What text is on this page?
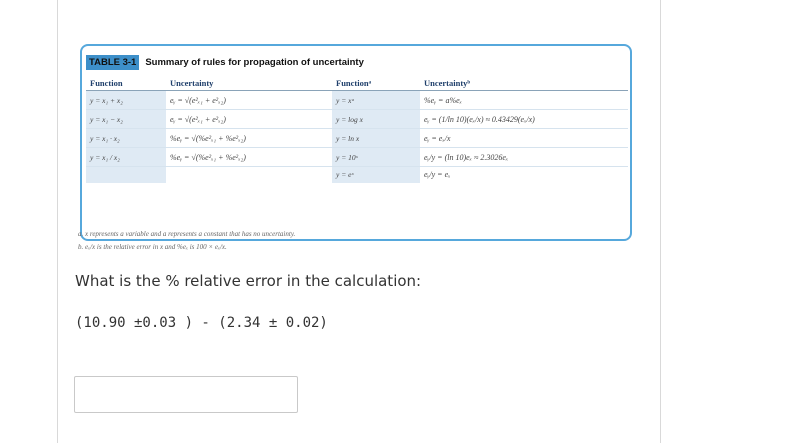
TABLE 3-1 Summary of rules for propagation of uncertainty
Function	Uncertainty	Functionᵃ	Uncertaintyᵇ
y = x₁ + x₂	eᵧ = √(e²ₓ₁ + e²ₓ₂)	y = xᵃ	%eᵧ = a%eₓ
y = x₁ − x₂	eᵧ = √(e²ₓ₁ + e²ₓ₂)	y = log x	eᵧ = (1/ln 10)(eₓ/x) ≈ 0.43429(eₓ/x)
y = x₁ · x₂	%eᵧ = √(%e²ₓ₁ + %e²ₓ₂)	y = ln x	eᵧ = eₓ/x
y = x₁ / x₂	%eᵧ = √(%e²ₓ₁ + %e²ₓ₂)	y = 10ˣ	eᵧ/y = (ln 10)eₓ ≈ 2.3026eₓ
		y = eˣ	eᵧ/y = eₓ
a. x represents a variable and a represents a constant that has no uncertainty.
b. eₓ/x is the relative error in x and %eₓ is 100 × eₓ/x.
What is the % relative error in the calculation:
(10.90 ±0.03 ) - (2.34 ± 0.02)
